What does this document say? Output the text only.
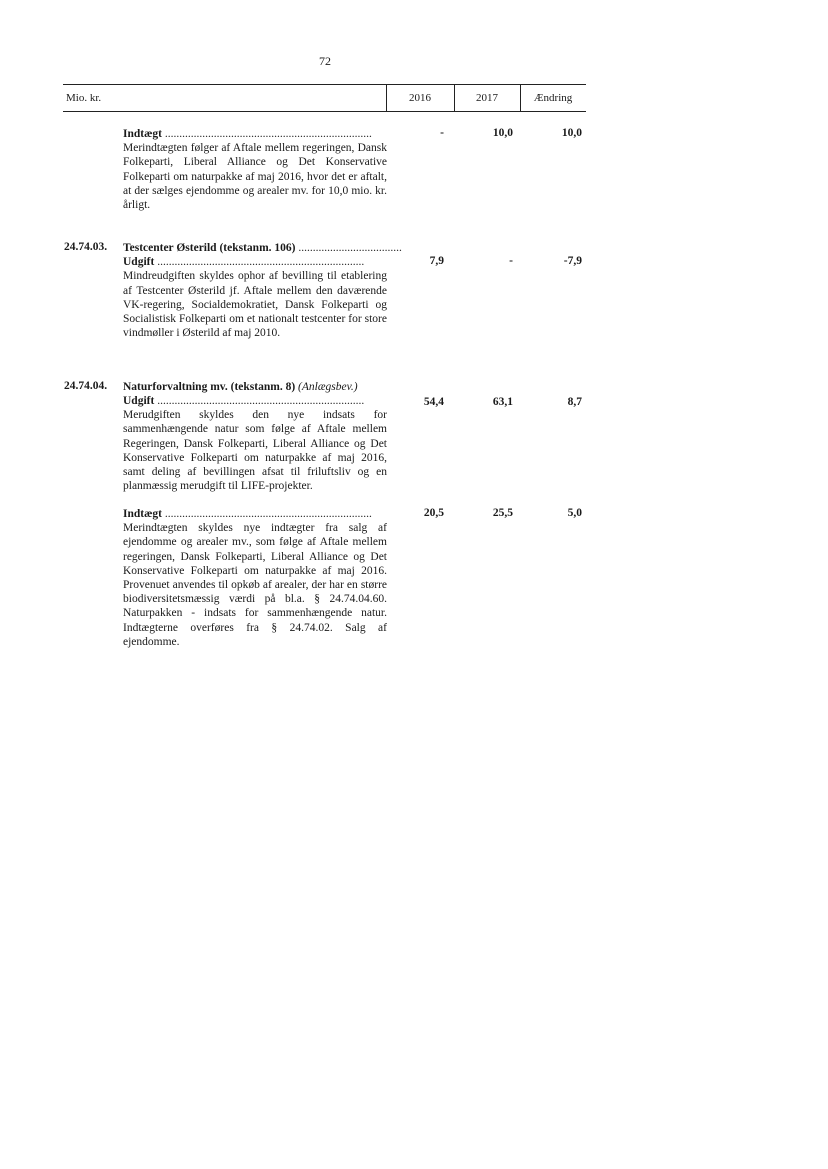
72
Mio. kr.	2016	2017	Ændring
Indtægt .....
Merindtægten følger af Aftale mellem regeringen, Dansk Folkeparti, Liberal Alliance og Det Konservative Folkeparti om naturpakke af maj 2016, hvor det er aftalt, at der sælges ejendomme og arealer mv. for 10,0 mio. kr. årligt.
-	10,0	10,0
24.74.03. Testcenter Østerild (tekstanm. 106) ....................................
Udgift .....
Mindreudgiften skyldes ophor af bevilling til etablering af Testcenter Østerild jf. Aftale mellem den daværende VK-regering, Socialdemokratiet, Dansk Folkeparti og Socialistisk Folkeparti om et nationalt testcenter for store vindmøller i Østerild af maj 2010.
7,9	-	-7,9
24.74.04. Naturforvaltning mv. (tekstanm. 8) (Anlægsbev.)
Udgift .....
Merudgiften skyldes den nye indsats for sammenhængende natur som følge af Aftale mellem Regeringen, Dansk Folkeparti, Liberal Alliance og Det Konservative Folkeparti om naturpakke af maj 2016, samt deling af bevillingen afsat til friluftsliv og en planmæssig merudgift til LIFE-projekter.
54,4	63,1	8,7
Indtægt .....
Merindtægten skyldes nye indtægter fra salg af ejendomme og arealer mv., som følge af Aftale mellem regeringen, Dansk Folkeparti, Liberal Alliance og Det Konservative Folkeparti om naturpakke af maj 2016. Provenuet anvendes til opkøb af arealer, der har en større biodiversitetsmæssig værdi på bl.a. § 24.74.04.60. Naturpakken - indsats for sammenhængende natur. Indtægterne overføres fra § 24.74.02. Salg af ejendomme.
20,5	25,5	5,0
